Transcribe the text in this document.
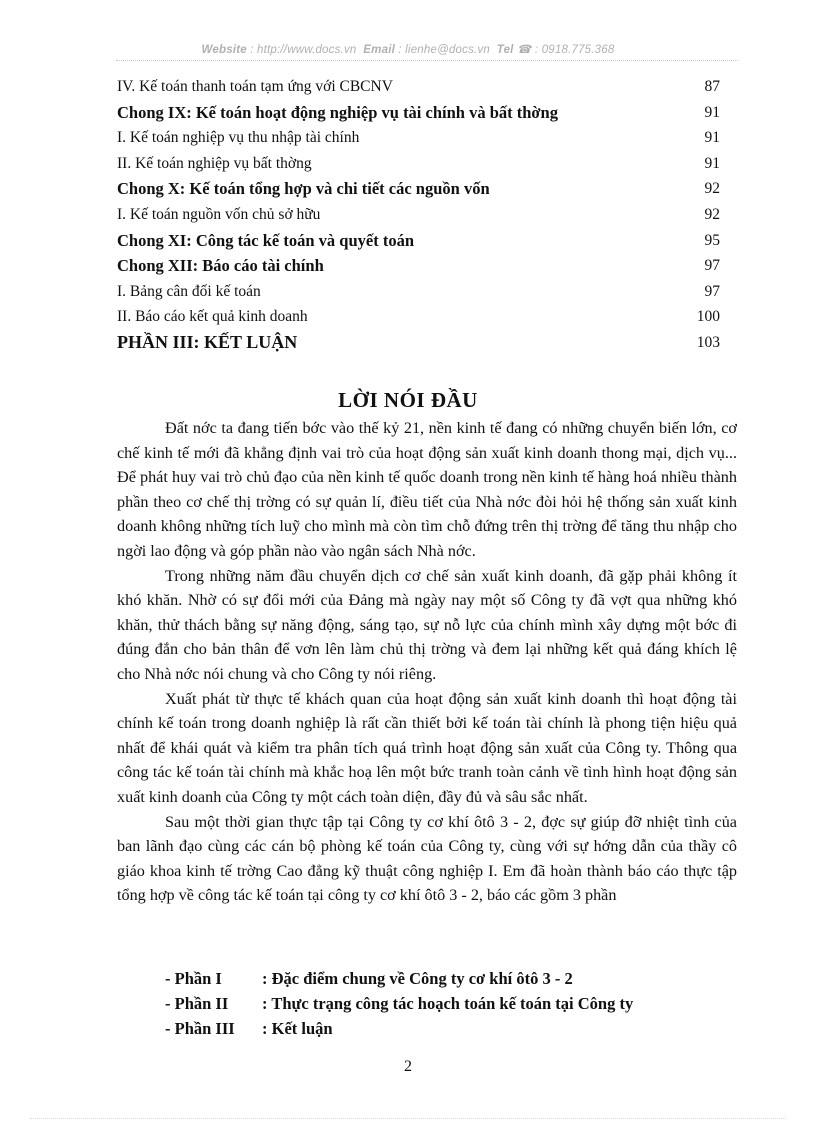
Website : http://www.docs.vn Email : lienhe@docs.vn Tel ☎ : 0918.775.368
IV. Kế toán thanh toán tạm ứng với CBCNV	87
Chong IX: Kế toán hoạt động nghiệp vụ tài chính và bất thờng	91
I. Kế toán nghiệp vụ thu nhập tài chính	91
II. Kế toán nghiệp vụ bất thờng	91
Chong X: Kế toán tổng hợp và chi tiết các nguồn vốn	92
I. Kế toán nguồn vốn chủ sở hữu	92
Chong XI: Công tác kế toán và quyết toán	95
Chong XII: Báo cáo tài chính	97
I. Bảng cân đối kế toán	97
II. Báo cáo kết quả kinh doanh	100
PHẦN III: KẾT LUẬN	103
LỜI NÓI ĐẦU

Đất nớc ta đang tiến bớc vào thế kỷ 21, nền kinh tế đang có những chuyển biến lớn, cơ chế kinh tế mới đã khẳng định vai trò của hoạt động sản xuất kinh doanh thong mại, dịch vụ... Để phát huy vai trò chủ đạo của nền kinh tế quốc doanh trong nền kinh tế hàng hoá nhiều thành phần theo cơ chế thị trờng có sự quản lí, điều tiết của Nhà nớc đòi hỏi hệ thống sản xuất kinh doanh không những tích luỹ cho mình mà còn tìm chỗ đứng trên thị trờng để tăng thu nhập cho ngời lao động và góp phần nào vào ngân sách Nhà nớc.

Trong những năm đầu chuyển dịch cơ chế sản xuất kinh doanh, đã gặp phải không ít khó khăn. Nhờ có sự đổi mới của Đảng mà ngày nay một số Công ty đã vợt qua những khó khăn, thử thách bằng sự năng động, sáng tạo, sự nỗ lực của chính mình xây dựng một bớc đi đúng đắn cho bản thân để vơn lên làm chủ thị trờng và đem lại những kết quả đáng khích lệ cho Nhà nớc nói chung và cho Công ty nói riêng.

Xuất phát từ thực tế khách quan của hoạt động sản xuất kinh doanh thì hoạt động tài chính kế toán trong doanh nghiệp là rất cần thiết bởi kế toán tài chính là phong tiện hiệu quả nhất để khái quát và kiểm tra phân tích quá trình hoạt động sản xuất của Công ty. Thông qua công tác kế toán tài chính mà khắc hoạ lên một bức tranh toàn cảnh về tình hình hoạt động sản xuất kinh doanh của Công ty một cách toàn diện, đầy đủ và sâu sắc nhất.

Sau một thời gian thực tập tại Công ty cơ khí ôtô 3 - 2, đợc sự giúp đỡ nhiệt tình của ban lãnh đạo cùng các cán bộ phòng kế toán của Công ty, cùng với sự hớng dẫn của thầy cô giáo khoa kinh tế trờng Cao đẳng kỹ thuật công nghiệp I. Em đã hoàn thành báo cáo thực tập tổng hợp về công tác kế toán tại công ty cơ khí ôtô 3 - 2, báo các gồm 3 phần

- Phần I : Đặc điểm chung về Công ty cơ khí ôtô 3 - 2
- Phần II : Thực trạng công tác hoạch toán kế toán tại Công ty
- Phần III : Kết luận
2
